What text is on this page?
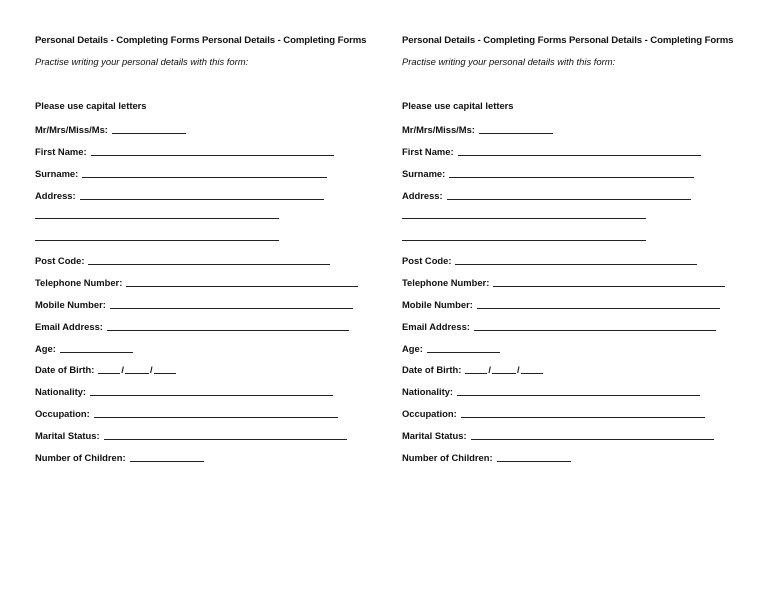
Personal Details - Completing Forms Personal Details - Completing Forms
Practise writing your personal details with this form:
Please use capital letters
Mr/Mrs/Miss/Ms:
First Name:
Surname:
Address:
Post Code:
Telephone Number:
Mobile Number:
Email Address:
Age:
Date of Birth:	/	/
Nationality:
Occupation:
Marital Status:
Number of Children:
Personal Details - Completing Forms Personal Details - Completing Forms
Practise writing your personal details with this form:
Please use capital letters
Mr/Mrs/Miss/Ms:
First Name:
Surname:
Address:
Post Code:
Telephone Number:
Mobile Number:
Email Address:
Age:
Date of Birth:	/	/
Nationality:
Occupation:
Marital Status:
Number of Children:
